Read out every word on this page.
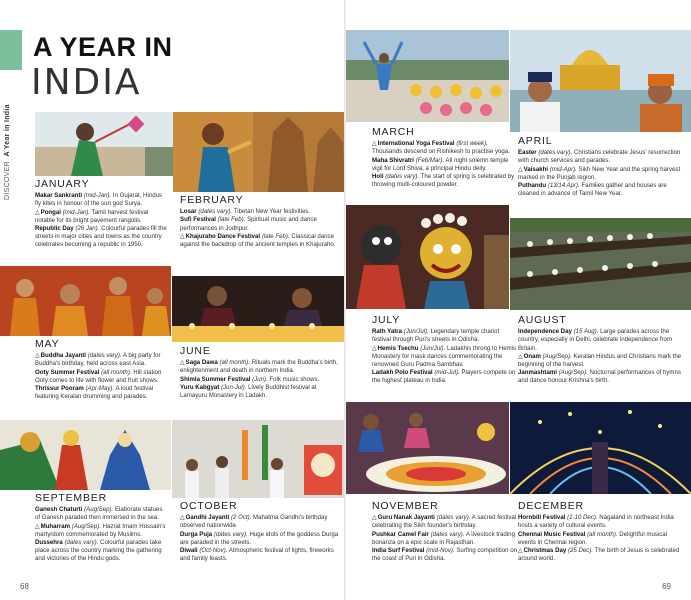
DISCOVER  A Year in India
A YEAR IN
INDIA
JANUARY

Makar Sankranti (mid-Jan). In Gujarat, Hindus fly kites in honour of the sun god Surya.

△Pongal (mid-Jan). Tamil harvest festival notable for its bright pavement rangolis.

Republic Day (26 Jan). Colourful parades fill the streets in major cities and towns as the country celebrates becoming a republic in 1950.

FEBRUARY

Losar (dates vary). Tibetan New Year festivities.

Sufi Festival (late Feb). Spiritual music and dance performances in Jodhpur.

△Khajuraho Dance Festival (late Feb). Classical dance against the backdrop of the ancient temples in Khajuraho.

MAY

△Buddha Jayanti (dates vary). A big party for Buddha's birthday, held across east Asia.

Ooty Summer Festival (all month). Hill station Ooty comes to life with flower and fruit shows.

Thrissur Pooram (Apr-May). A loud festival featuring Keralan drumming and parades.

JUNE

△Saga Dawa (all month). Rituals mark the Buddha's birth, enlightenment and death in northern India.

Shimla Summer Festival (Jun). Folk music shows.

Yuru Kabgyat (Jun-Jul). Lively Buddhist festival at Lamayuru Monastery in Ladakh.

SEPTEMBER

Ganesh Chaturti (Aug/Sep). Elaborate statues of Ganesh paraded then immersed in the sea.

△Muharram (Aug/Sep). Hazrat Imam Hussain's martyrdom commemorated by Muslims.

Dussehra (dates vary). Colourful parades take place across the country marking the gathering and victories of the Hindu gods.

OCTOBER

△Gandhi Jayanti (2 Oct). Mahatma Gandhi's birthday observed nationwide.

Durga Puja (dates vary). Huge idols of the goddess Durga are paraded in the streets.

Diwali (Oct-Nov). Atmospheric festival of lights, fireworks and family feasts.

68
MARCH

△International Yoga Festival (first week). Thousands descend on Rishikesh to practise yoga.

Maha Shivratri (Feb/Mar). All night solemn temple vigil for Lord Shiva, a principal Hindu deity.

Holi (dates vary). The start of spring is celebrated by throwing multi-coloured powder.

APRIL

Easter (dates vary). Christians celebrate Jesus' resurrection with church services and parades.

△Vaisakhi (mid-Apr). Sikh New Year and the spring harvest marked in the Punjab region.

Puthandu (13/14 Apr). Families gather and houses are cleaned in advance of Tamil New Year.

JULY

Rath Yatra (Jun/Jul). Legendary temple chariot festival through Puri's streets in Odisha.

△Hemis Tsechu (Jun/Jul). Ladakhis throng to Hemis Monastery for mask dances commemorating the renowned Guru Padma Sambhav.

Ladakh Polo Festival (mid-Jul). Players compete on the highest plateau in India.

AUGUST

Independence Day (15 Aug). Large parades across the country, especially in Delhi, celebrate independence from Britain.

△Onam (Aug/Sep). Keralan Hindus and Christians mark the beginning of the harvest.

Janmashtami (Aug/Sep). Nocturnal performances of hymns and dance honour Krishna's birth.

NOVEMBER

△Guru Nanak Jayanti (dates vary). A sacred festival celebrating the Sikh founder's birthday.

Pushkar Camel Fair (dates vary). A livestock trading bonanza on a epic scale in Rajasthan.

India Surf Festival (mid-Nov). Surfing competition on the coast of Puri in Odisha.

DECEMBER

Hornbill Festival (1-10 Dec). Nagaland in northeast India hosts a variety of cultural events.

Chennai Music Festival (all month). Delightful musical events in Chennai region.

△Christmas Day (25 Dec). The birth of Jesus is celebrated around world.

69
